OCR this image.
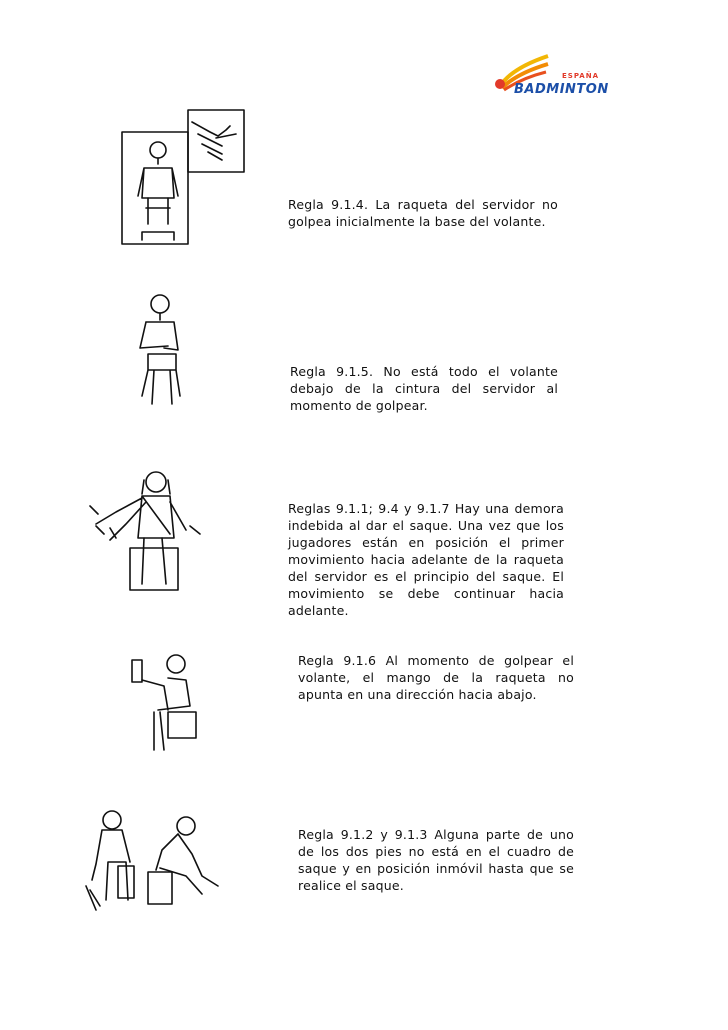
ESPAÑA
BADMINTON
Regla 9.1.4. La raqueta del servidor no golpea inicialmente la base del volante.
Regla 9.1.5. No está todo el volante debajo de la cintura del servidor al momento de golpear.
Reglas 9.1.1; 9.4 y 9.1.7 Hay una demora indebida al dar el saque. Una vez que los jugadores están en posición el primer movimiento hacia adelante de la raqueta del servidor es el principio del saque. El movimiento se debe continuar hacia adelante.
Regla 9.1.6 Al momento de golpear el volante, el mango de la raqueta no apunta en una dirección hacia abajo.
Regla 9.1.2 y 9.1.3 Alguna parte de uno de los dos pies no está en el cuadro de saque y en posición inmóvil hasta que se realice el saque.
